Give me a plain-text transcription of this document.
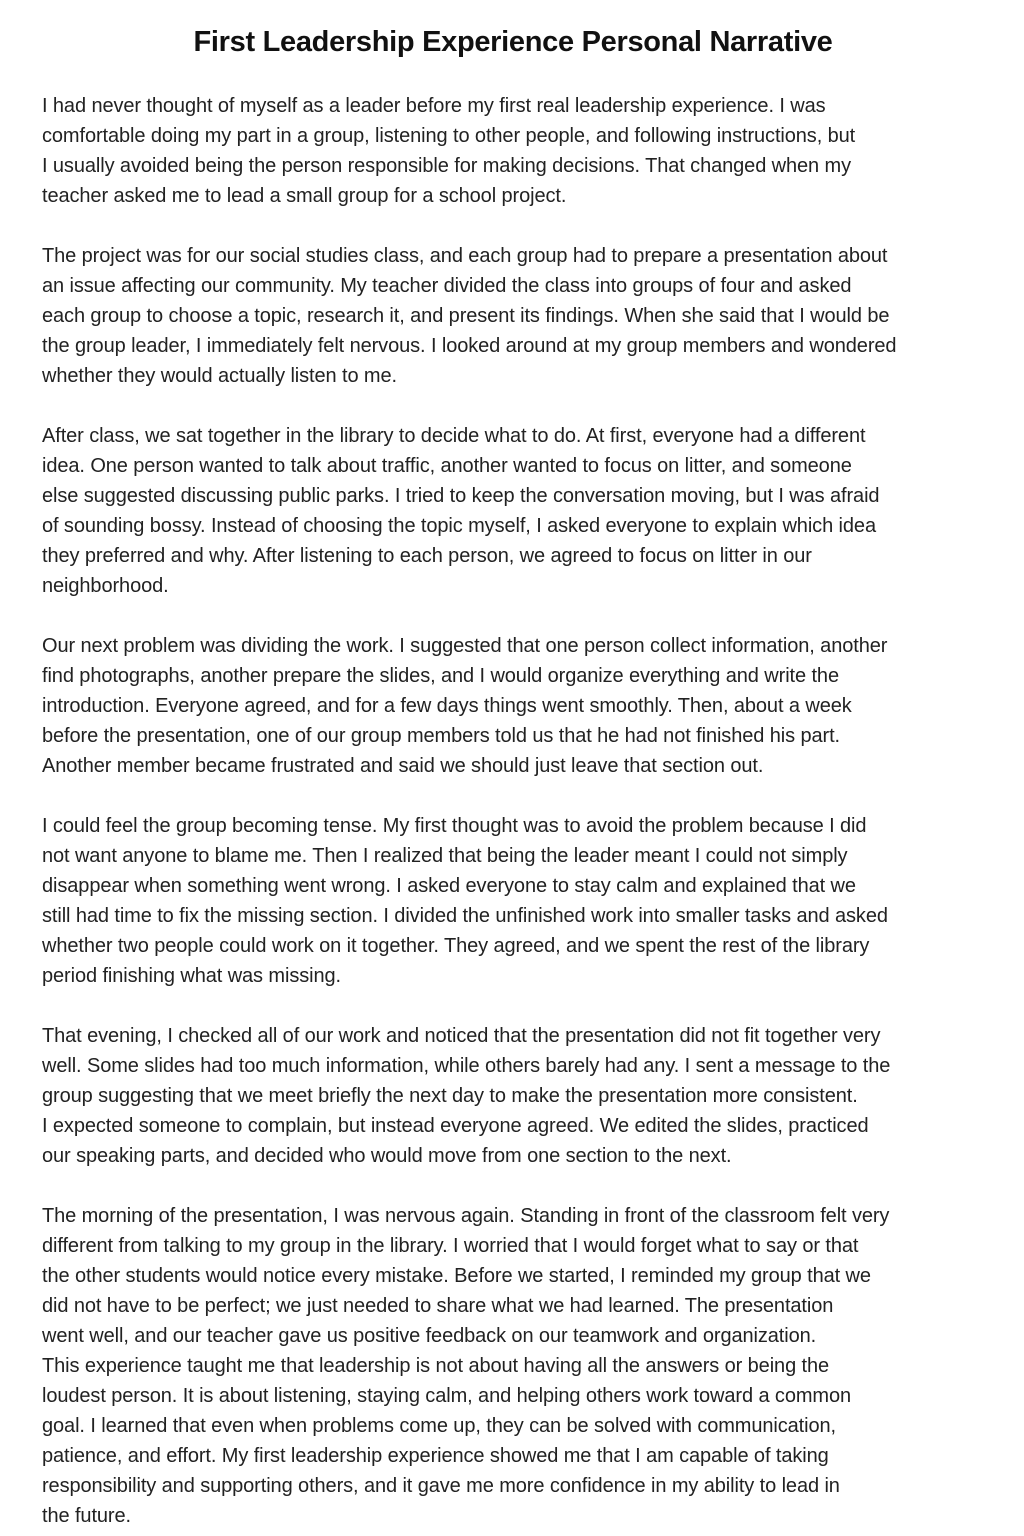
First Leadership Experience Personal Narrative

I had never thought of myself as a leader before my first real leadership experience. I was
comfortable doing my part in a group, listening to other people, and following instructions, but
I usually avoided being the person responsible for making decisions. That changed when my
teacher asked me to lead a small group for a school project.

The project was for our social studies class, and each group had to prepare a presentation about
an issue affecting our community. My teacher divided the class into groups of four and asked
each group to choose a topic, research it, and present its findings. When she said that I would be
the group leader, I immediately felt nervous. I looked around at my group members and wondered
whether they would actually listen to me.

After class, we sat together in the library to decide what to do. At first, everyone had a different
idea. One person wanted to talk about traffic, another wanted to focus on litter, and someone
else suggested discussing public parks. I tried to keep the conversation moving, but I was afraid
of sounding bossy. Instead of choosing the topic myself, I asked everyone to explain which idea
they preferred and why. After listening to each person, we agreed to focus on litter in our
neighborhood.

Our next problem was dividing the work. I suggested that one person collect information, another
find photographs, another prepare the slides, and I would organize everything and write the
introduction. Everyone agreed, and for a few days things went smoothly. Then, about a week
before the presentation, one of our group members told us that he had not finished his part.
Another member became frustrated and said we should just leave that section out.

I could feel the group becoming tense. My first thought was to avoid the problem because I did
not want anyone to blame me. Then I realized that being the leader meant I could not simply
disappear when something went wrong. I asked everyone to stay calm and explained that we
still had time to fix the missing section. I divided the unfinished work into smaller tasks and asked
whether two people could work on it together. They agreed, and we spent the rest of the library
period finishing what was missing.

That evening, I checked all of our work and noticed that the presentation did not fit together very
well. Some slides had too much information, while others barely had any. I sent a message to the
group suggesting that we meet briefly the next day to make the presentation more consistent.
I expected someone to complain, but instead everyone agreed. We edited the slides, practiced
our speaking parts, and decided who would move from one section to the next.

The morning of the presentation, I was nervous again. Standing in front of the classroom felt very
different from talking to my group in the library. I worried that I would forget what to say or that
the other students would notice every mistake. Before we started, I reminded my group that we
did not have to be perfect; we just needed to share what we had learned. The presentation
went well, and our teacher gave us positive feedback on our teamwork and organization.

This experience taught me that leadership is not about having all the answers or being the
loudest person. It is about listening, staying calm, and helping others work toward a common
goal. I learned that even when problems come up, they can be solved with communication,
patience, and effort. My first leadership experience showed me that I am capable of taking
responsibility and supporting others, and it gave me more confidence in my ability to lead in
the future.
